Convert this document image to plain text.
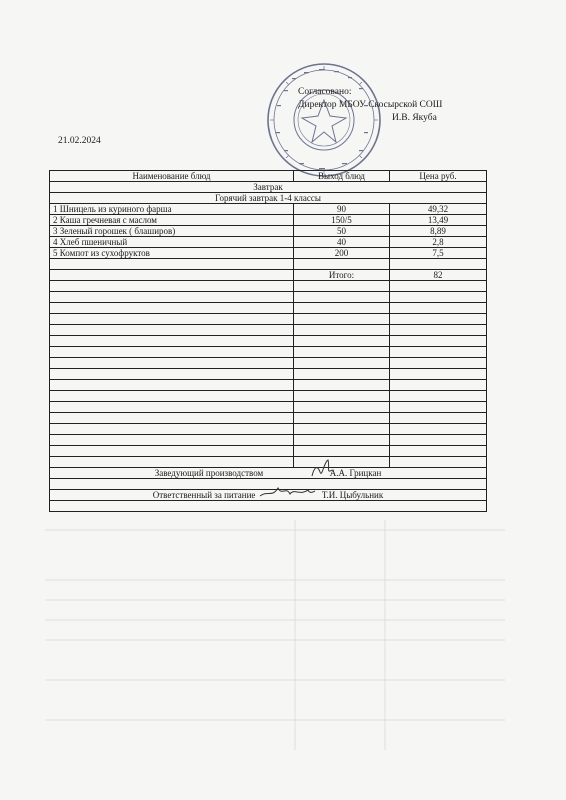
Согласовано:
Директор МБОУ Скосырской СОШ
И.В. Якуба
21.02.2024
Наименование блюд	Выход блюд	Цена руб.
Завтрак		
Горячий завтрак 1-4 классы		
1 Шницель из куриного фарша	90	49,32
2 Каша гречневая с маслом	150/5	13,49
3 Зеленый горошек ( блаширов)	50	8,89
4 Хлеб пшеничный	40	2,8
5 Компот из сухофруктов	200	7,5

	Итого:	82

Заведующий производством А.А. Грицкан		

Ответственный за питание Т.И. Цыбульник		
